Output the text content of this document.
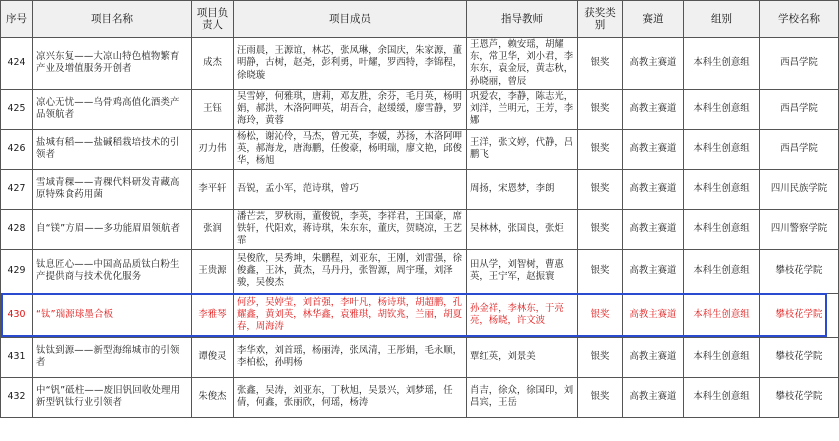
序号	项目名称	项目负责人	项目成员	指导教师	获奖类别	赛道	组别	学校名称
424	凉兴东复——大凉山特色植物繁育产业及增值服务开创者	成杰	汪雨晨，王源谊，林芯，张凤琳，余国庆，朱家源，董明静，古树，赵尧，彭利勇，叶耀，罗西特，李锦程，徐晓璇	王恩芦，赖安瑶，胡耀东，常卫华，刘小君，李东东，袁金辰，黄志秋，孙晓丽，曾辰	银奖	高教主赛道	本科生创意组	西昌学院
425	凉心无忧——乌骨鸡高值化酒类产品领航者	王钰	吴雪婷，何雅琪，唐莉，邓友胜，余芬，毛月英，杨明娟，郝洪，木洛阿呷英，胡吾合，赵缓缓，廖雪静，罗海玲，黄蓉	巩爱农，李静，陈志光，刘洋，兰明元，王芳，李娜	银奖	高教主赛道	本科生创意组	西昌学院
426	盐城有稻——盐碱稻栽培技术的引领者	刃力伟	杨松，谢沁伶，马杰，曾元英，李媛，苏扬，木洛阿呷英，郝海龙，唐海鹏，任俊豪，杨明瑞，廖文艳，邱俊华，杨旭	王洋，张文婷，代静，吕鹏飞	银奖	高教主赛道	本科生创意组	西昌学院
427	雪域青稞——青稞代料研发青藏高原特殊食药用菌	李平轩	吾锐，孟小军，范诗琪，曾巧	周扬，宋恩梦，李朗	银奖	高教主赛道	本科生创意组	四川民族学院
428	自“镁”方眉——多功能眉眉领航者	张润	潘芒芸，罗秋雨，董俊锐，李英，李祥君，王国豪，席铁轩，代阳欢，蒋诗琪，朱东东，董庆，贺晓凉，王艺霏	吴林林，张国良，张炬	银奖	高教主赛道	本科生创意组	四川警察学院
429	钛息匠心——中国高品质钛白粉生产提供商与技术优化服务	王贵源	吴俊欣，吴秀坤，朱鹏程，刘亚东，王刚，刘雷强，徐俊鑫，王沐，黄杰，马丹丹，张智源，周宇瑾，刘泽骏，吴俊杰	田从学，刘智树，曹惠英，王宁军，赵振寰	银奖	高教主赛道	本科生创意组	攀枝花学院
430	“钛”瑞源球墨合板	李雅琴	何莎，吴婷莹，刘首强，李叶凡，杨诗琪，胡超鹏，孔耀鑫，黄刘英，林华鑫，袁雅琪，胡钦兆，兰丽，胡夏春，周海涛	孙金祥，李林东，于亮亮，杨晓，许文波	银奖	高教主赛道	本科生创意组	攀枝花学院
431	钛钛到源——新型海绵城市的引领者	谭俊灵	李华欢，刘首瑶，杨丽涛，张凤清，王彤娟，毛永顺，李柏松，孙明杨	覃红英，刘景美	银奖	高教主赛道	本科生创意组	攀枝花学院
432	中“钒”砥柱——废旧钒回收处理用新型钒钛行业引领者	朱俊杰	张鑫，吴涛，刘亚东，丁秋旭，吴景兴，刘梦瑶，任倩，何鑫，张丽欣，何瑶，杨涛	肖吉，徐众，徐国印，刘昌宾，王岳	银奖	高教主赛道	本科生创意组	攀枝花学院
